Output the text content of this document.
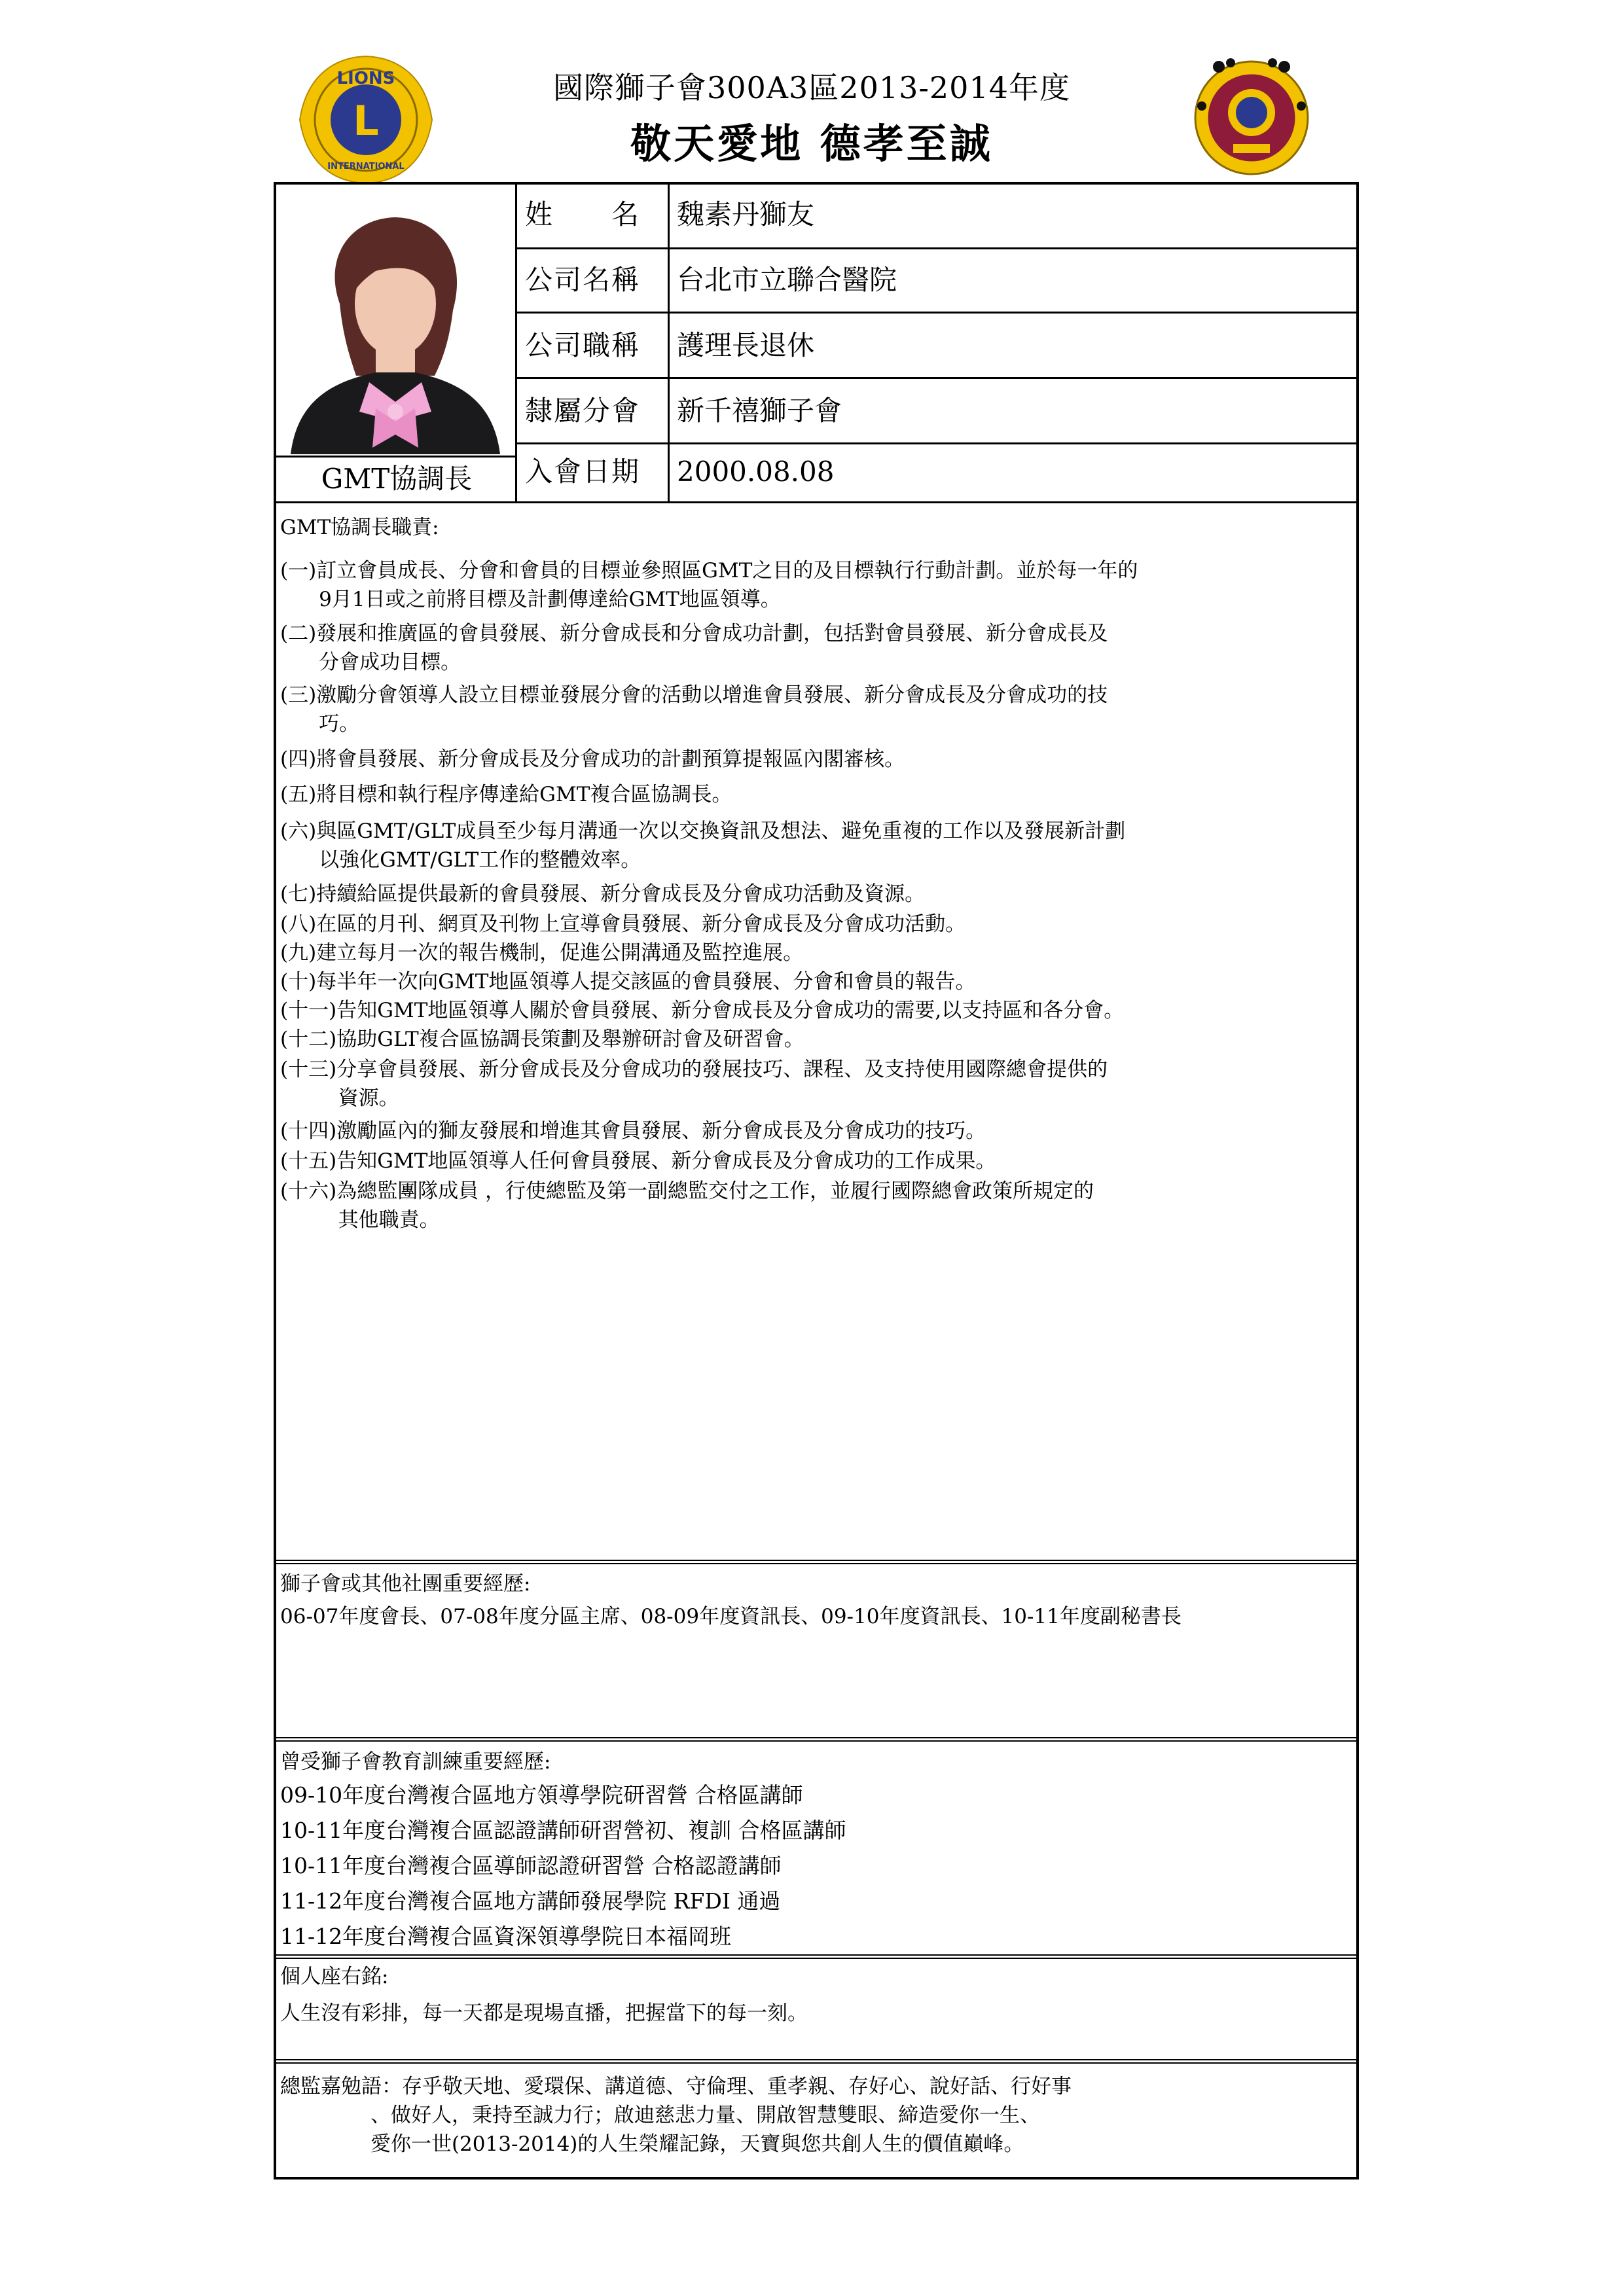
L
LIONS
INTERNATIONAL
國際獅子會300A3區2013-2014年度
敬天愛地 德孝至誠
GMT協調長
姓　　名	魏素丹獅友
公司名稱	台北市立聯合醫院
公司職稱	護理長退休
隸屬分會	新千禧獅子會
入會日期	2000.08.08
GMT協調長職責:
(一)訂立會員成長、分會和會員的目標並參照區GMT之目的及目標執行行動計劃。並於每一年的
9月1日或之前將目標及計劃傳達給GMT地區領導。
(二)發展和推廣區的會員發展、新分會成長和分會成功計劃，包括對會員發展、新分會成長及
分會成功目標。
(三)激勵分會領導人設立目標並發展分會的活動以增進會員發展、新分會成長及分會成功的技
巧。
(四)將會員發展、新分會成長及分會成功的計劃預算提報區內閣審核。
(五)將目標和執行程序傳達給GMT複合區協調長。
(六)與區GMT/GLT成員至少每月溝通一次以交換資訊及想法、避免重複的工作以及發展新計劃
以強化GMT/GLT工作的整體效率。
(七)持續給區提供最新的會員發展、新分會成長及分會成功活動及資源。
(八)在區的月刊、網頁及刊物上宣導會員發展、新分會成長及分會成功活動。
(九)建立每月一次的報告機制，促進公開溝通及監控進展。
(十)每半年一次向GMT地區領導人提交該區的會員發展、分會和會員的報告。
(十一)告知GMT地區領導人關於會員發展、新分會成長及分會成功的需要,以支持區和各分會。
(十二)協助GLT複合區協調長策劃及舉辦研討會及研習會。
(十三)分享會員發展、新分會成長及分會成功的發展技巧、課程、及支持使用國際總會提供的
資源。
(十四)激勵區內的獅友發展和增進其會員發展、新分會成長及分會成功的技巧。
(十五)告知GMT地區領導人任何會員發展、新分會成長及分會成功的工作成果。
(十六)為總監團隊成員 ，行使總監及第一副總監交付之工作，並履行國際總會政策所規定的
其他職責。
獅子會或其他社團重要經歷:
06-07年度會長、07-08年度分區主席、08-09年度資訊長、09-10年度資訊長、10-11年度副秘書長
曾受獅子會教育訓練重要經歷:
09-10年度台灣複合區地方領導學院研習營 合格區講師
10-11年度台灣複合區認證講師研習營初、複訓 合格區講師
10-11年度台灣複合區導師認證研習營 合格認證講師
11-12年度台灣複合區地方講師發展學院 RFDI 通過
11-12年度台灣複合區資深領導學院日本福岡班
個人座右銘:
人生沒有彩排，每一天都是現場直播，把握當下的每一刻。
總監嘉勉語：存乎敬天地、愛環保、講道德、守倫理、重孝親、存好心、說好話、行好事
、做好人，秉持至誠力行；啟迪慈悲力量、開啟智慧雙眼、締造愛你一生、
愛你一世(2013-2014)的人生榮耀記錄，天寶與您共創人生的價值巔峰。
